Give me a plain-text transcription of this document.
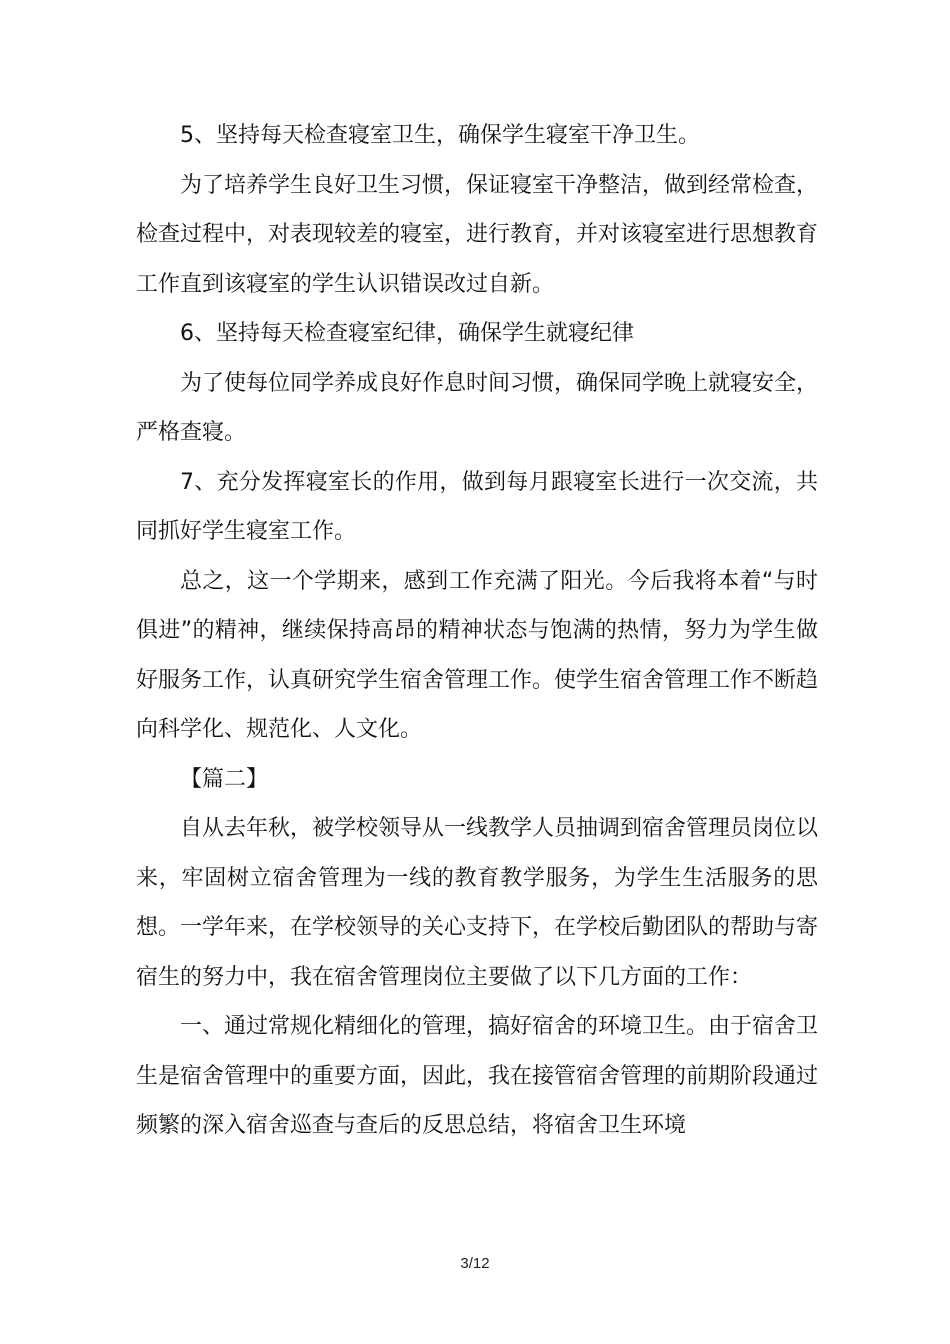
5、坚持每天检查寝室卫生，确保学生寝室干净卫生。

为了培养学生良好卫生习惯，保证寝室干净整洁，做到经常检查，检查过程中，对表现较差的寝室，进行教育，并对该寝室进行思想教育工作直到该寝室的学生认识错误改过自新。

6、坚持每天检查寝室纪律，确保学生就寝纪律

为了使每位同学养成良好作息时间习惯，确保同学晚上就寝安全，严格查寝。

7、充分发挥寝室长的作用，做到每月跟寝室长进行一次交流，共同抓好学生寝室工作。

总之，这一个学期来，感到工作充满了阳光。今后我将本着“与时俱进”的精神，继续保持高昂的精神状态与饱满的热情，努力为学生做好服务工作，认真研究学生宿舍管理工作。使学生宿舍管理工作不断趋向科学化、规范化、人文化。

【篇二】

自从去年秋，被学校领导从一线教学人员抽调到宿舍管理员岗位以来，牢固树立宿舍管理为一线的教育教学服务，为学生生活服务的思想。一学年来，在学校领导的关心支持下，在学校后勤团队的帮助与寄宿生的努力中，我在宿舍管理岗位主要做了以下几方面的工作：

一、通过常规化精细化的管理，搞好宿舍的环境卫生。由于宿舍卫生是宿舍管理中的重要方面，因此，我在接管宿舍管理的前期阶段通过频繁的深入宿舍巡查与查后的反思总结，将宿舍卫生环境

3/12
